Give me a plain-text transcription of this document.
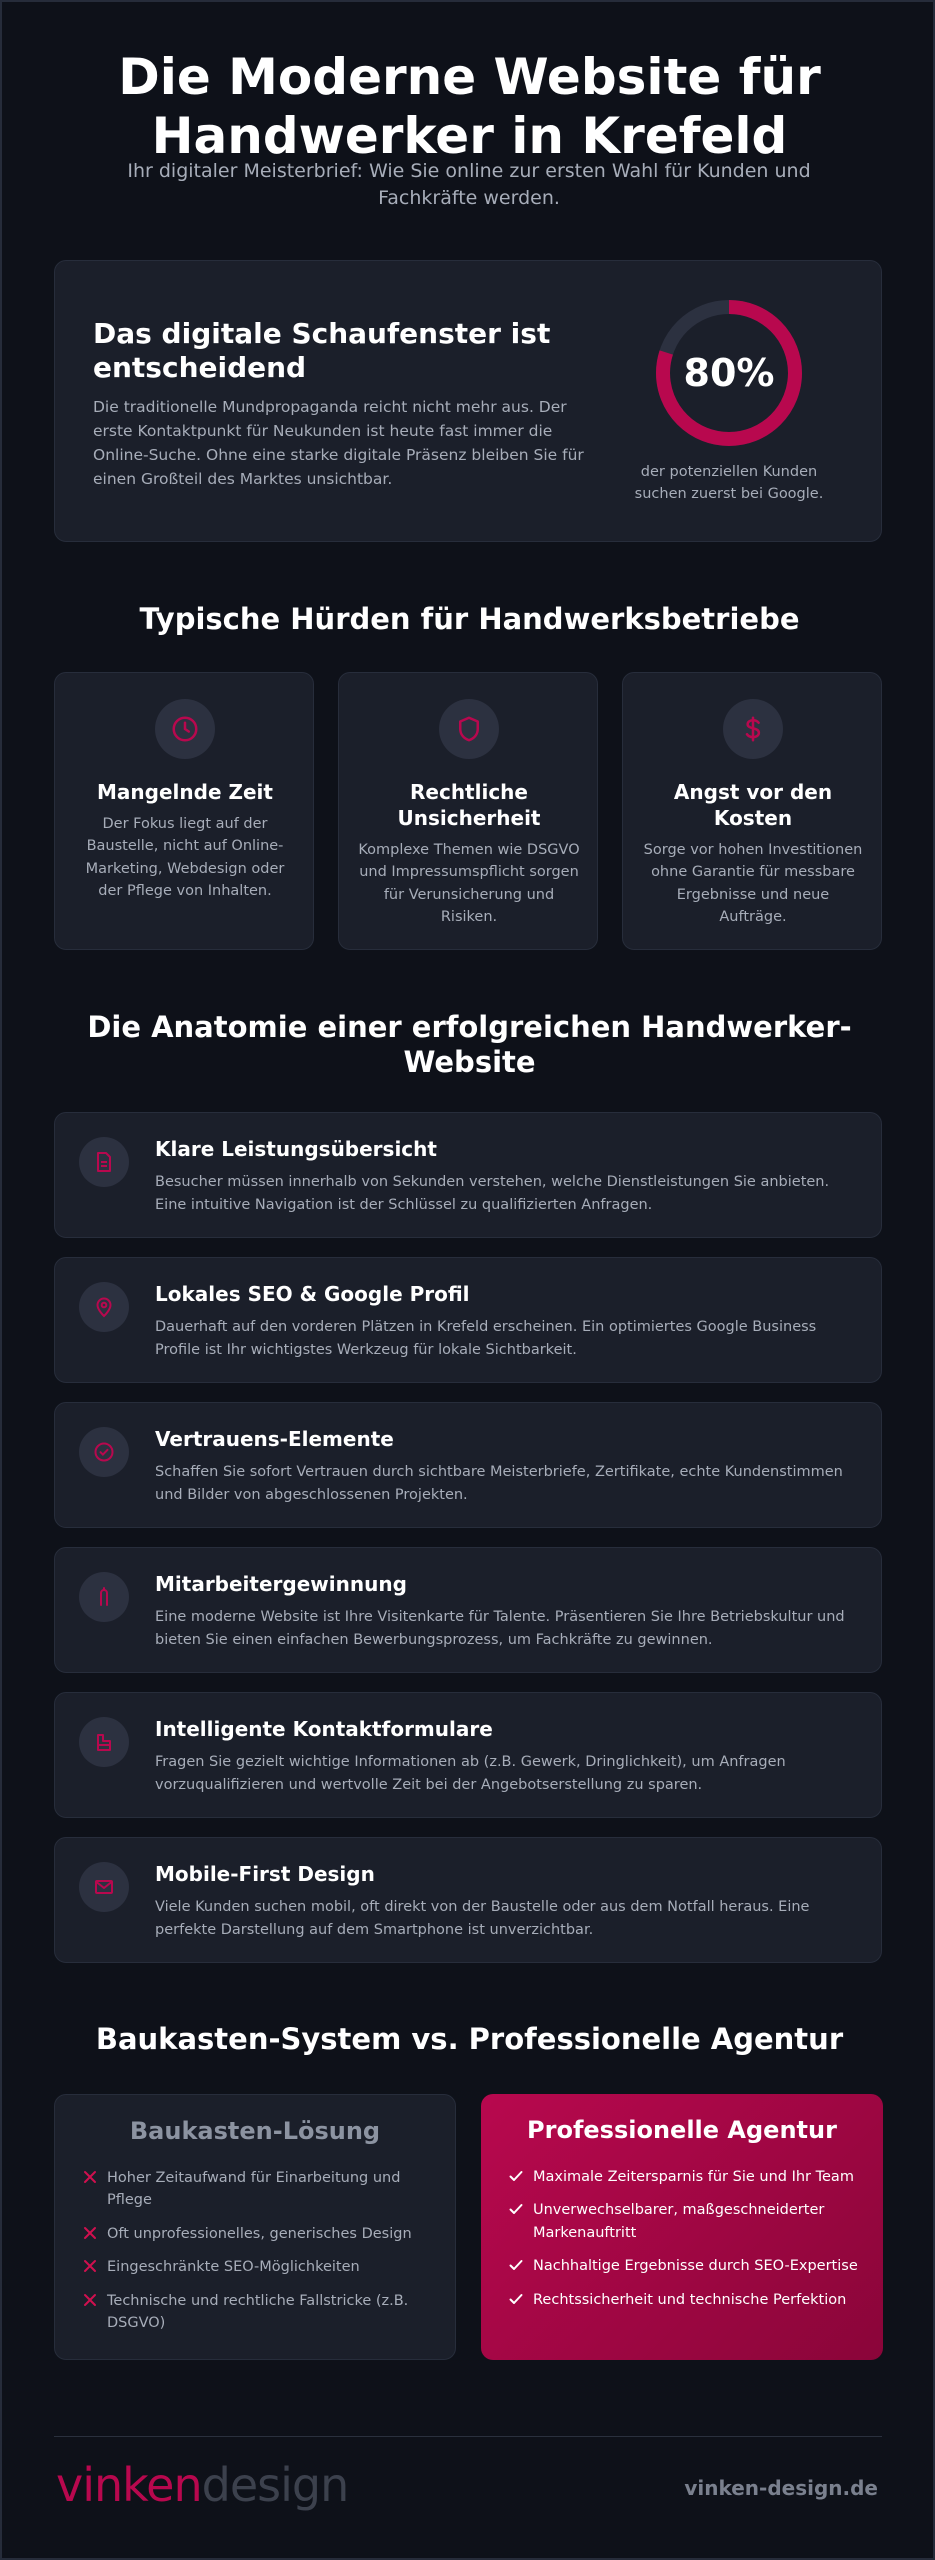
Die Moderne Website für
Handwerker in Krefeld
Ihr digitaler Meisterbrief: Wie Sie online zur ersten Wahl für Kunden und Fachkräfte werden.
Das digitale Schaufenster ist entscheidend
Die traditionelle Mundpropaganda reicht nicht mehr aus. Der erste Kontaktpunkt für Neukunden ist heute fast immer die Online-Suche. Ohne eine starke digitale Präsenz bleiben Sie für einen Großteil des Marktes unsichtbar.
80%
der potenziellen Kunden suchen zuerst bei Google.
Typische Hürden für Handwerksbetriebe
Mangelnde Zeit
Der Fokus liegt auf der Baustelle, nicht auf Online-Marketing, Webdesign oder der Pflege von Inhalten.
Rechtliche Unsicherheit
Komplexe Themen wie DSGVO und Impressumspflicht sorgen für Verunsicherung und Risiken.
Angst vor den Kosten
Sorge vor hohen Investitionen ohne Garantie für messbare Ergebnisse und neue Aufträge.
Die Anatomie einer erfolgreichen Handwerker-Website
Klare Leistungsübersicht
Besucher müssen innerhalb von Sekunden verstehen, welche Dienstleistungen Sie anbieten. Eine intuitive Navigation ist der Schlüssel zu qualifizierten Anfragen.
Lokales SEO & Google Profil
Dauerhaft auf den vorderen Plätzen in Krefeld erscheinen. Ein optimiertes Google Business Profile ist Ihr wichtigstes Werkzeug für lokale Sichtbarkeit.
Vertrauens-Elemente
Schaffen Sie sofort Vertrauen durch sichtbare Meisterbriefe, Zertifikate, echte Kundenstimmen und Bilder von abgeschlossenen Projekten.
Mitarbeitergewinnung
Eine moderne Website ist Ihre Visitenkarte für Talente. Präsentieren Sie Ihre Betriebskultur und bieten Sie einen einfachen Bewerbungsprozess, um Fachkräfte zu gewinnen.
Intelligente Kontaktformulare
Fragen Sie gezielt wichtige Informationen ab (z.B. Gewerk, Dringlichkeit), um Anfragen vorzuqualifizieren und wertvolle Zeit bei der Angebotserstellung zu sparen.
Mobile-First Design
Viele Kunden suchen mobil, oft direkt von der Baustelle oder aus dem Notfall heraus. Eine perfekte Darstellung auf dem Smartphone ist unverzichtbar.
Baukasten-System vs. Professionelle Agentur
Baukasten-Lösung
Hoher Zeitaufwand für Einarbeitung und Pflege
Oft unprofessionelles, generisches Design
Eingeschränkte SEO-Möglichkeiten
Technische und rechtliche Fallstricke (z.B. DSGVO)
Professionelle Agentur
Maximale Zeitersparnis für Sie und Ihr Team
Unverwechselbarer, maßgeschneiderter Markenauftritt
Nachhaltige Ergebnisse durch SEO-Expertise
Rechtssicherheit und technische Perfektion
vinkendesign	vinken-design.de
